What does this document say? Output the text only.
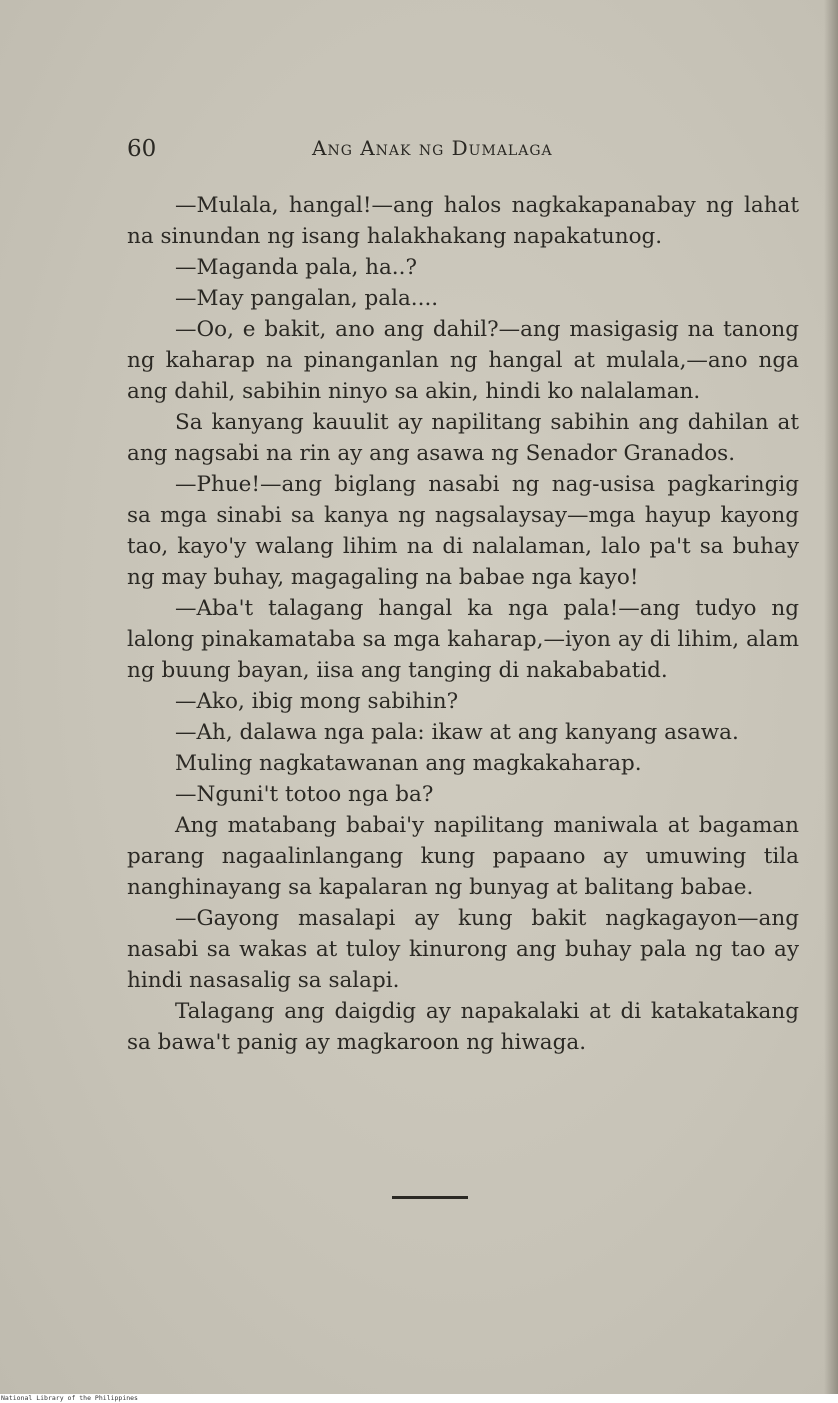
60	Ang Anak ng Dumalaga

—Mulala, hangal!—ang halos nagkakapanabay ng lahat na sinundan ng isang halakhakang napakatunog.

—Maganda pala, ha..?

—May pangalan, pala....

—Oo, e bakit, ano ang dahil?—ang masigasig na tanong ng kaharap na pinanganlan ng hangal at mulala,—ano nga ang dahil, sabihin ninyo sa akin, hindi ko nalalaman.

Sa kanyang kauulit ay napilitang sabihin ang dahilan at ang nagsabi na rin ay ang asawa ng Senador Granados.

—Phue!—ang biglang nasabi ng nag-usisa pagkaringig sa mga sinabi sa kanya ng nagsalaysay—mga hayup kayong tao, kayo'y walang lihim na di nalalaman, lalo pa't sa buhay ng may buhay, magagaling na babae nga kayo!

—Aba't talagang hangal ka nga pala!—ang tudyo ng lalong pinakamataba sa mga kaharap,—iyon ay di lihim, alam ng buung bayan, iisa ang tanging di nakababatid.

—Ako, ibig mong sabihin?

—Ah, dalawa nga pala: ikaw at ang kanyang asawa.

Muling nagkatawanan ang magkakaharap.

—Nguni't totoo nga ba?

Ang matabang babai'y napilitang maniwala at bagaman parang nagaalinlangang kung papaano ay umuwing tila nanghinayang sa kapalaran ng bunyag at balitang babae.

—Gayong masalapi ay kung bakit nagkagayon—ang nasabi sa wakas at tuloy kinurong ang buhay pala ng tao ay hindi nasasalig sa salapi.

Talagang ang daigdig ay napakalaki at di katakatakang sa bawa't panig ay magkaroon ng hiwaga.

National Library of the Philippines
